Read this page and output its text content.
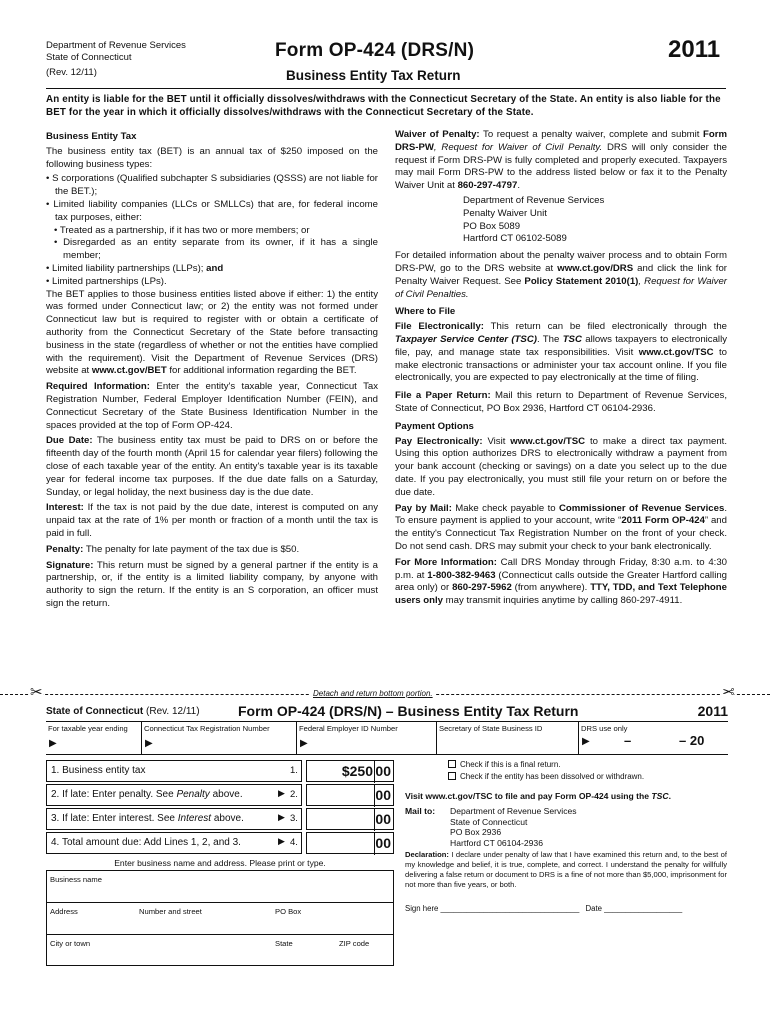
Department of Revenue Services
State of Connecticut
(Rev. 12/11)
Form OP-424 (DRS/N)
Business Entity Tax Return
2011
An entity is liable for the BET until it officially dissolves/withdraws with the Connecticut Secretary of the State. An entity is also liable for the BET for the year in which it officially dissolves/withdraws with the Connecticut Secretary of the State.
Business Entity Tax

The business entity tax (BET) is an annual tax of $250 imposed on the following business types:

• S corporations (Qualified subchapter S subsidiaries (QSSS) are not liable for the BET.);
• Limited liability companies (LLCs or SMLLCs) that are, for federal income tax purposes, either:
• Treated as a partnership, if it has two or more members; or
• Disregarded as an entity separate from its owner, if it has a single member;
• Limited liability partnerships (LLPs); and
• Limited partnerships (LPs).

The BET applies to those business entities listed above if either: 1) the entity was formed under Connecticut law; or 2) the entity was not formed under Connecticut law but is required to register with or obtain a certificate of authority from the Connecticut Secretary of the State before transacting business in the state (regardless of whether or not the entities have complied with the requirement). Visit the Department of Revenue Services (DRS) website at www.ct.gov/BET for additional information regarding the BET.

Required Information: Enter the entity's taxable year, Connecticut Tax Registration Number, Federal Employer Identification Number (FEIN), and Connecticut Secretary of the State Business Identification Number in the spaces provided at the top of Form OP-424.

Due Date: The business entity tax must be paid to DRS on or before the fifteenth day of the fourth month (April 15 for calendar year filers) following the close of each taxable year of the entity. An entity's taxable year is its taxable year for federal income tax purposes. If the due date falls on a Saturday, Sunday, or legal holiday, the next business day is the due date.

Interest: If the tax is not paid by the due date, interest is computed on any unpaid tax at the rate of 1% per month or fraction of a month until the tax is paid in full.

Penalty: The penalty for late payment of the tax due is $50.

Signature: This return must be signed by a general partner if the entity is a partnership, or, if the entity is a limited liability company, by anyone with authority to sign the return. If the entity is an S corporation, an officer must sign the return.

Waiver of Penalty: To request a penalty waiver, complete and submit Form DRS-PW, Request for Waiver of Civil Penalty. DRS will only consider the request if Form DRS-PW is fully completed and properly executed. Taxpayers may mail Form DRS-PW to the address listed below or fax it to the Penalty Waiver Unit at 860-297-4797.

Department of Revenue Services
Penalty Waiver Unit
PO Box 5089
Hartford CT 06102-5089

For detailed information about the penalty waiver process and to obtain Form DRS-PW, go to the DRS website at www.ct.gov/DRS and click the link for Penalty Waiver Request. See Policy Statement 2010(1), Request for Waiver of Civil Penalties.

Where to File

File Electronically: This return can be filed electronically through the Taxpayer Service Center (TSC). The TSC allows taxpayers to electronically file, pay, and manage state tax responsibilities. Visit www.ct.gov/TSC to make electronic transactions or administer your tax account online. If you file electronically, you are expected to pay electronically at the time of filing.

File a Paper Return: Mail this return to Department of Revenue Services, State of Connecticut, PO Box 2936, Hartford CT 06104-2936.

Payment Options

Pay Electronically: Visit www.ct.gov/TSC to make a direct tax payment. Using this option authorizes DRS to electronically withdraw a payment from your bank account (checking or savings) on a date you select up to the due date. If you pay electronically, you must still file your return on or before the due date.

Pay by Mail: Make check payable to Commissioner of Revenue Services. To ensure payment is applied to your account, write “2011 Form OP-424” and the entity's Connecticut Tax Registration Number on the front of your check. Do not send cash. DRS may submit your check to your bank electronically.

For More Information: Call DRS Monday through Friday, 8:30 a.m. to 4:30 p.m. at 1-800-382-9463 (Connecticut calls outside the Greater Hartford calling area only) or 860-297-5962 (from anywhere). TTY, TDD, and Text Telephone users only may transmit inquiries anytime by calling 860-297-4911.

✂	Detach and return bottom portion.	✂
State of Connecticut (Rev. 12/11)	Form OP-424 (DRS/N) – Business Entity Tax Return	2011
For taxable year ending
▶
Connecticut Tax Registration Number
▶
Federal Employer ID Number
▶
Secretary of State Business ID	DRS use only
▶	–	– 20
1. Business entity tax	1.	$250 00
2. If late: Enter penalty. See Penalty above.	▶ 2.	00
3. If late: Enter interest. See Interest above.	▶ 3.	00
4. Total amount due: Add Lines 1, 2, and 3.	▶ 4.	00
Enter business name and address. Please print or type.
Business name
Address	Number and street	PO Box
City or town	State	ZIP code
Check if this is a final return.
Check if the entity has been dissolved or withdrawn.
Visit www.ct.gov/TSC to file and pay Form OP-424 using the TSC.
Mail to: Department of Revenue Services
State of Connecticut
PO Box 2936
Hartford CT 06104-2936
Declaration: I declare under penalty of law that I have examined this return and, to the best of my knowledge and belief, it is true, complete, and correct. I understand the penalty for willfully delivering a false return or document to DRS is a fine of not more than $5,000, imprisonment for not more than five years, or both.
Sign here ________________________________ Date __________________
